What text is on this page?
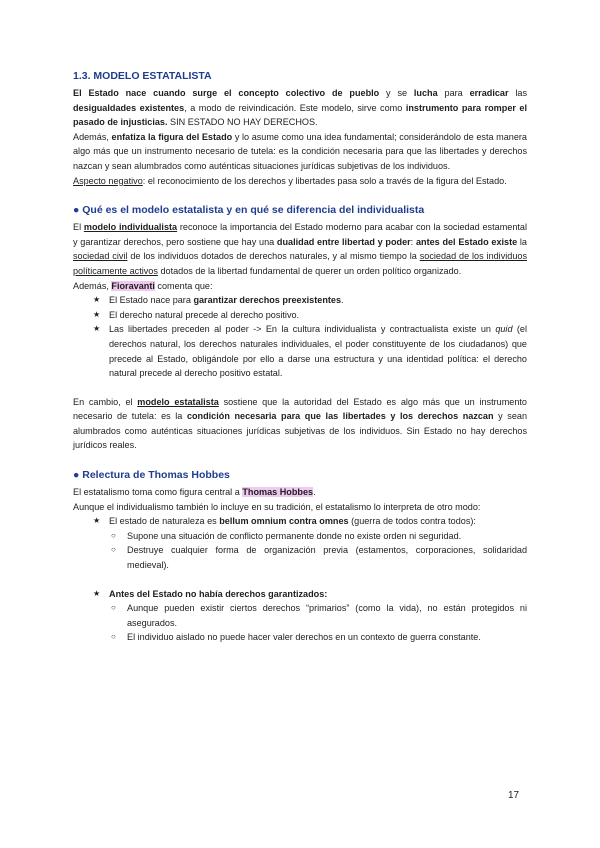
1.3. MODELO ESTATALISTA

El Estado nace cuando surge el concepto colectivo de pueblo y se lucha para erradicar las desigualdades existentes, a modo de reivindicación. Este modelo, sirve como instrumento para romper el pasado de injusticias. SIN ESTADO NO HAY DERECHOS.

Además, enfatiza la figura del Estado y lo asume como una idea fundamental; considerándolo de esta manera algo más que un instrumento necesario de tutela: es la condición necesaria para que las libertades y derechos nazcan y sean alumbrados como auténticas situaciones jurídicas subjetivas de los individuos.

Aspecto negativo: el reconocimiento de los derechos y libertades pasa solo a través de la figura del Estado.

● Qué es el modelo estatalista y en qué se diferencia del individualista

El modelo individualista reconoce la importancia del Estado moderno para acabar con la sociedad estamental y garantizar derechos, pero sostiene que hay una dualidad entre libertad y poder: antes del Estado existe la sociedad civil de los individuos dotados de derechos naturales, y al mismo tiempo la sociedad de los individuos políticamente activos dotados de la libertad fundamental de querer un orden político organizado.

Además, Fioravanti comenta que:

★ El Estado nace para garantizar derechos preexistentes.
★ El derecho natural precede al derecho positivo.
★ Las libertades preceden al poder -> En la cultura individualista y contractualista existe un quid (el derechos natural, los derechos naturales individuales, el poder constituyente de los ciudadanos) que precede al Estado, obligándole por ello a darse una estructura y una identidad política: el derecho natural precede al derecho positivo estatal.

En cambio, el modelo estatalista sostiene que la autoridad del Estado es algo más que un instrumento necesario de tutela: es la condición necesaria para que las libertades y los derechos nazcan y sean alumbrados como auténticas situaciones jurídicas subjetivas de los individuos. Sin Estado no hay derechos jurídicos reales.

● Relectura de Thomas Hobbes

El estatalismo toma como figura central a Thomas Hobbes.

Aunque el individualismo también lo incluye en su tradición, el estatalismo lo interpreta de otro modo:

★ El estado de naturaleza es bellum omnium contra omnes (guerra de todos contra todos):
○ Supone una situación de conflicto permanente donde no existe orden ni seguridad.
○ Destruye cualquier forma de organización previa (estamentos, corporaciones, solidaridad medieval).
★ Antes del Estado no había derechos garantizados:
○ Aunque pueden existir ciertos derechos “primarios” (como la vida), no están protegidos ni asegurados.
○ El individuo aislado no puede hacer valer derechos en un contexto de guerra constante.
17
